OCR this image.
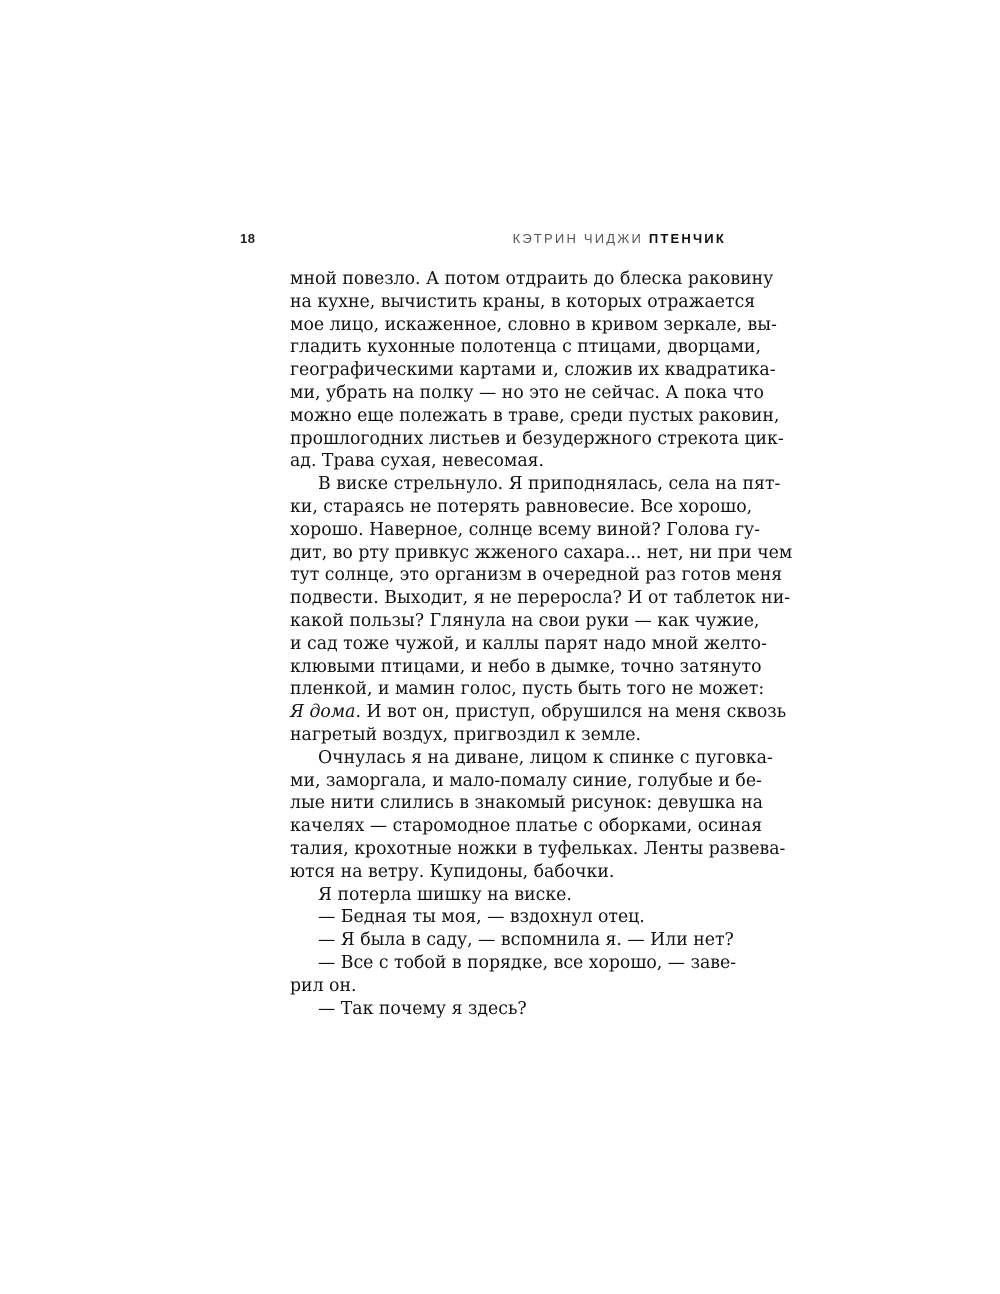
18	КЭТРИН ЧИДЖИ ПТЕНЧИК
мной повезло. А потом отдраить до блеска раковину
на кухне, вычистить краны, в которых отражается
мое лицо, искаженное, словно в кривом зеркале, вы-
гладить кухонные полотенца с птицами, дворцами,
географическими картами и, сложив их квадратика-
ми, убрать на полку — но это не сейчас. А пока что
можно еще полежать в траве, среди пустых раковин,
прошлогодних листьев и безудержного стрекота цик-
ад. Трава сухая, невесомая.
В виске стрельнуло. Я приподнялась, села на пят-
ки, стараясь не потерять равновесие. Все хорошо,
хорошо. Наверное, солнце всему виной? Голова гу-
дит, во рту привкус жженого сахара... нет, ни при чем
тут солнце, это организм в очередной раз готов меня
подвести. Выходит, я не переросла? И от таблеток ни-
какой пользы? Глянула на свои руки — как чужие,
и сад тоже чужой, и каллы парят надо мной желто-
клювыми птицами, и небо в дымке, точно затянуто
пленкой, и мамин голос, пусть быть того не может:
Я дома. И вот он, приступ, обрушился на меня сквозь
нагретый воздух, пригвоздил к земле.
Очнулась я на диване, лицом к спинке с пуговка-
ми, заморгала, и мало-помалу синие, голубые и бе-
лые нити слились в знакомый рисунок: девушка на
качелях — старомодное платье с оборками, осиная
талия, крохотные ножки в туфельках. Ленты развева-
ются на ветру. Купидоны, бабочки.
Я потерла шишку на виске.
— Бедная ты моя, — вздохнул отец.
— Я была в саду, — вспомнила я. — Или нет?
— Все с тобой в порядке, все хорошо, — заве-
рил он.
— Так почему я здесь?
